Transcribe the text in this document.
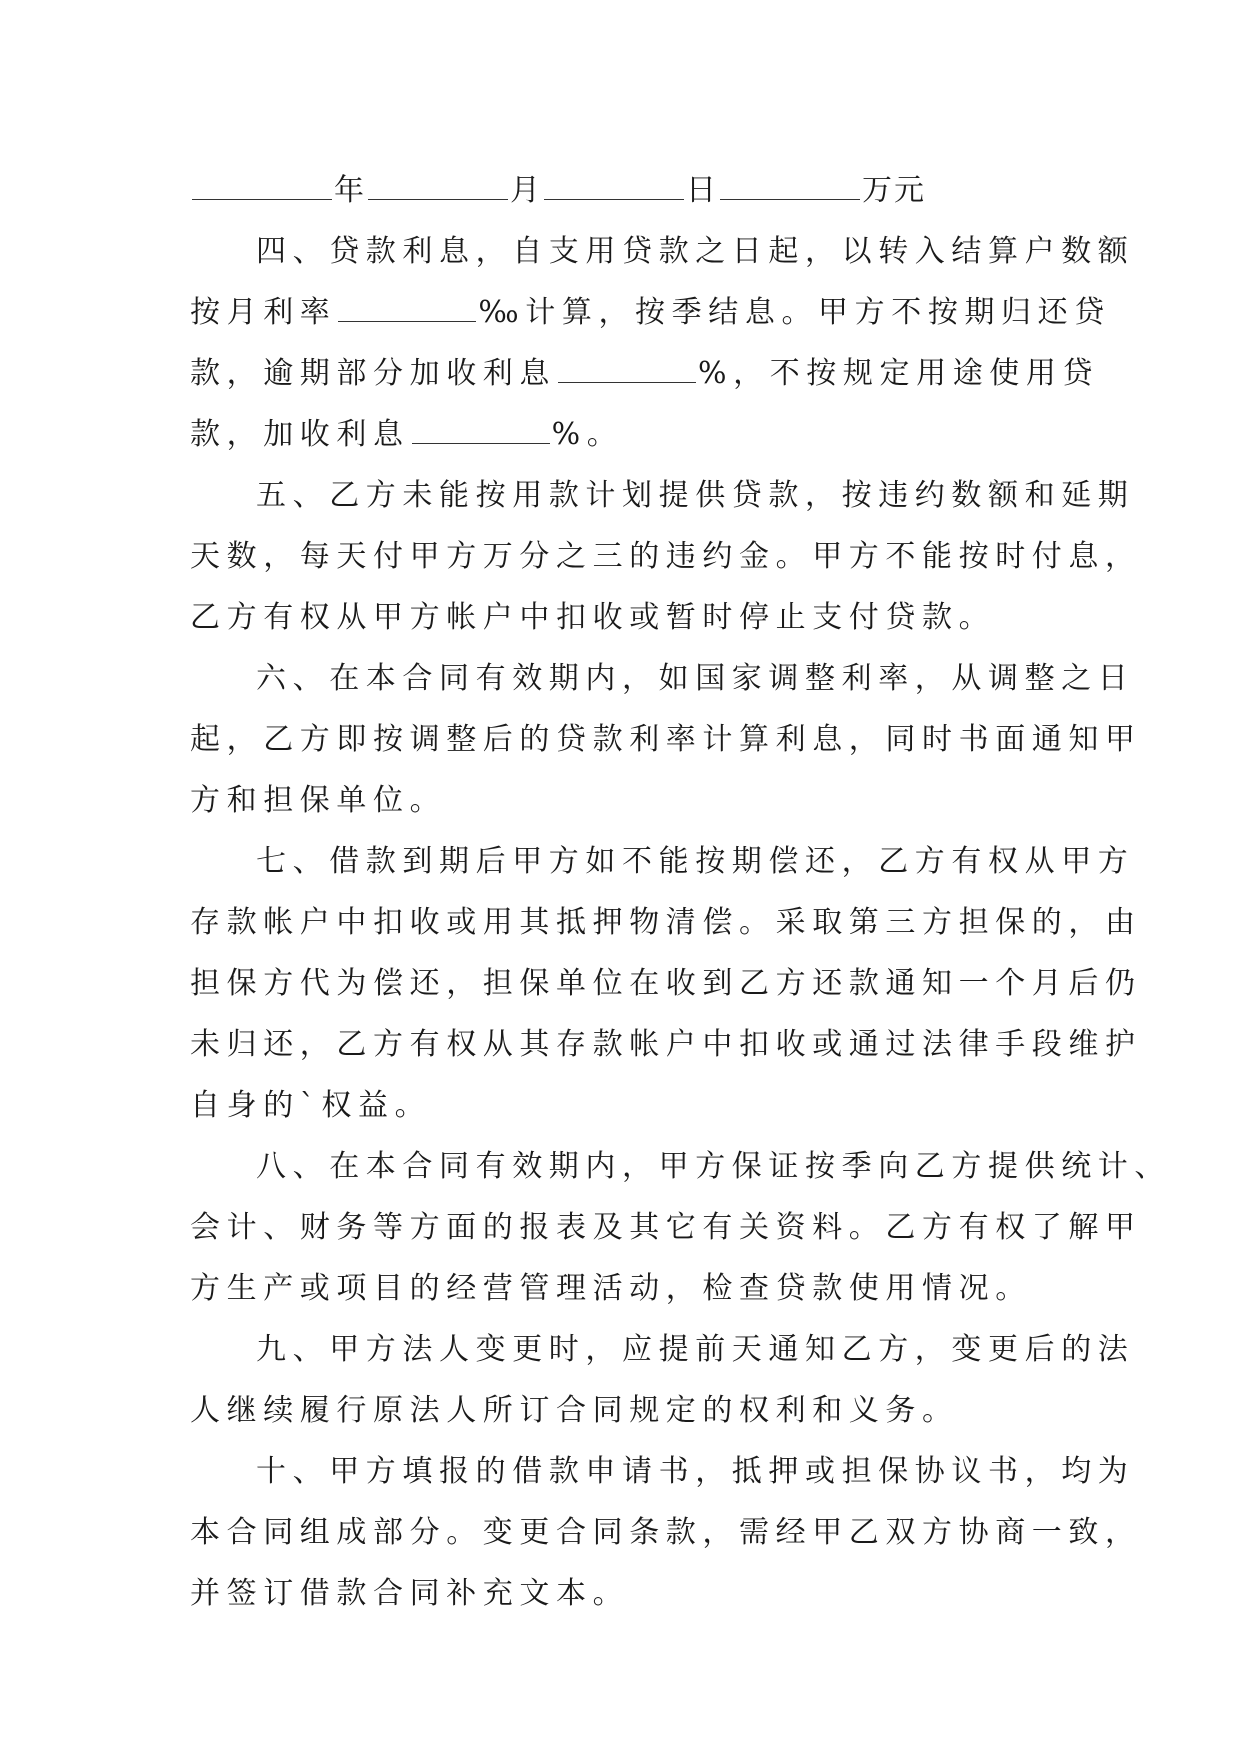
年	月	日	万元
四、贷款利息，自支用贷款之日起，以转入结算户数额
按月利率	‰计算，按季结息。甲方不按期归还贷
款，逾期部分加收利息	%，不按规定用途使用贷
款，加收利息	%。
五、乙方未能按用款计划提供贷款，按违约数额和延期
天数，每天付甲方万分之三的违约金。甲方不能按时付息，
乙方有权从甲方帐户中扣收或暂时停止支付贷款。
六、在本合同有效期内，如国家调整利率，从调整之日
起，乙方即按调整后的贷款利率计算利息，同时书面通知甲
方和担保单位。
七、借款到期后甲方如不能按期偿还，乙方有权从甲方
存款帐户中扣收或用其抵押物清偿。采取第三方担保的，由
担保方代为偿还，担保单位在收到乙方还款通知一个月后仍
未归还，乙方有权从其存款帐户中扣收或通过法律手段维护
自身的`权益。
八、在本合同有效期内，甲方保证按季向乙方提供统计、
会计、财务等方面的报表及其它有关资料。乙方有权了解甲
方生产或项目的经营管理活动，检查贷款使用情况。
九、甲方法人变更时，应提前天通知乙方，变更后的法
人继续履行原法人所订合同规定的权利和义务。
十、甲方填报的借款申请书，抵押或担保协议书，均为
本合同组成部分。变更合同条款，需经甲乙双方协商一致，
并签订借款合同补充文本。
